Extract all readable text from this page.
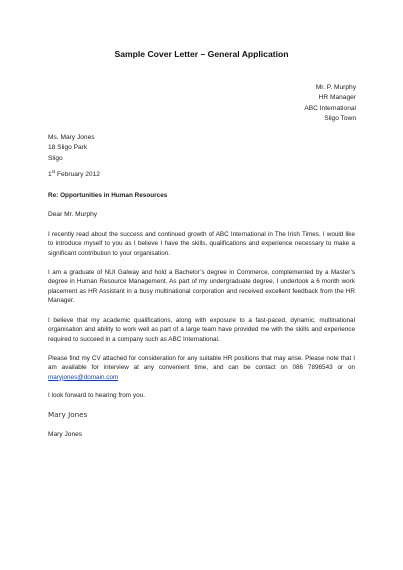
Sample Cover Letter – General Application
Mr. P. Murphy
HR Manager
ABC International
Sligo Town
Ms. Mary Jones
18 Sligo Park
Sligo
1st February 2012
Re: Opportunities in Human Resources
Dear Mr. Murphy
I recently read about the success and continued growth of ABC International in The Irish Times. I would like to introduce myself to you as I believe I have the skills, qualifications and experience necessary to make a significant contribution to your organisation.
I am a graduate of NUI Galway and hold a Bachelor’s degree in Commerce, complemented by a Master’s degree in Human Resource Management. As part of my undergraduate degree, I undertook a 6 month work placement as HR Assistant in a busy multinational corporation and received excellent feedback from the HR Manager.
I believe that my academic qualifications, along with exposure to a fast-paced, dynamic, multinational organisation and ability to work well as part of a large team have provided me with the skills and experience required to succeed in a company such as ABC International.
Please find my CV attached for consideration for any suitable HR positions that may arise. Please note that I am available for interview at any convenient time, and can be contact on 086 7896543 or on maryjones@domain.com
I look forward to hearing from you.
Mary Jones
Mary Jones
